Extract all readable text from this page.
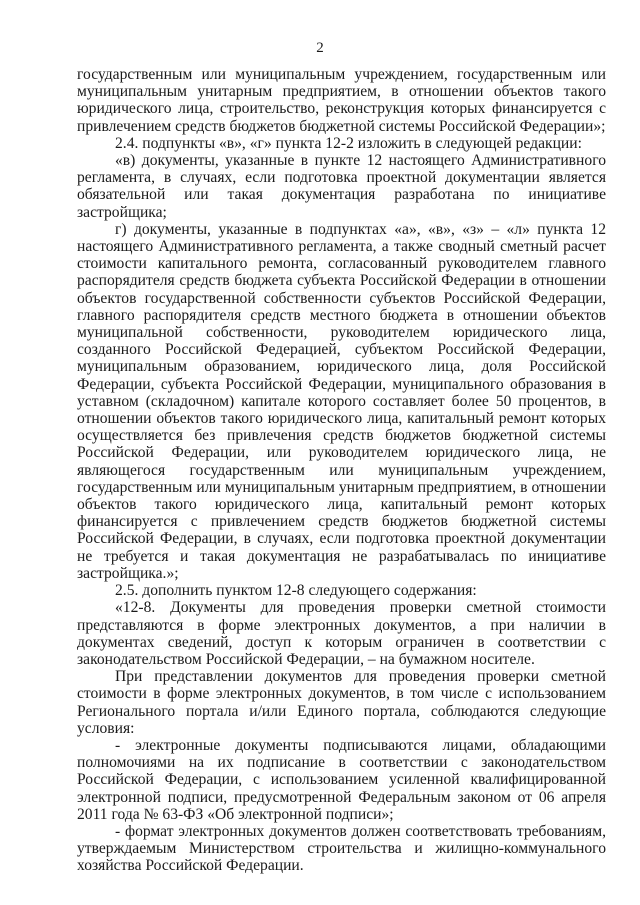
2

государственным или муниципальным учреждением, государственным или муниципальным унитарным предприятием, в отношении объектов такого юридического лица, строительство, реконструкция которых финансируется с привлечением средств бюджетов бюджетной системы Российской Федерации»;

2.4. подпункты «в», «г» пункта 12-2 изложить в следующей редакции:

«в) документы, указанные в пункте 12 настоящего Административного регламента, в случаях, если подготовка проектной документации является обязательной или такая документация разработана по инициативе застройщика;

г) документы, указанные в подпунктах «а», «в», «з» – «л» пункта 12 настоящего Административного регламента, а также сводный сметный расчет стоимости капитального ремонта, согласованный руководителем главного распорядителя средств бюджета субъекта Российской Федерации в отношении объектов государственной собственности субъектов Российской Федерации, главного распорядителя средств местного бюджета в отношении объектов муниципальной собственности, руководителем юридического лица, созданного Российской Федерацией, субъектом Российской Федерации, муниципальным образованием, юридического лица, доля Российской Федерации, субъекта Российской Федерации, муниципального образования в уставном (складочном) капитале которого составляет более 50 процентов, в отношении объектов такого юридического лица, капитальный ремонт которых осуществляется без привлечения средств бюджетов бюджетной системы Российской Федерации, или руководителем юридического лица, не являющегося государственным или муниципальным учреждением, государственным или муниципальным унитарным предприятием, в отношении объектов такого юридического лица, капитальный ремонт которых финансируется с привлечением средств бюджетов бюджетной системы Российской Федерации, в случаях, если подготовка проектной документации не требуется и такая документация не разрабатывалась по инициативе застройщика.»;

2.5. дополнить пунктом 12-8 следующего содержания:

«12-8. Документы для проведения проверки сметной стоимости представляются в форме электронных документов, а при наличии в документах сведений, доступ к которым ограничен в соответствии с законодательством Российской Федерации, – на бумажном носителе.

При представлении документов для проведения проверки сметной стоимости в форме электронных документов, в том числе с использованием Регионального портала и/или Единого портала, соблюдаются следующие условия:

- электронные документы подписываются лицами, обладающими полномочиями на их подписание в соответствии с законодательством Российской Федерации, с использованием усиленной квалифицированной электронной подписи, предусмотренной Федеральным законом от 06 апреля 2011 года № 63-ФЗ «Об электронной подписи»;

- формат электронных документов должен соответствовать требованиям, утверждаемым Министерством строительства и жилищно-коммунального хозяйства Российской Федерации.
